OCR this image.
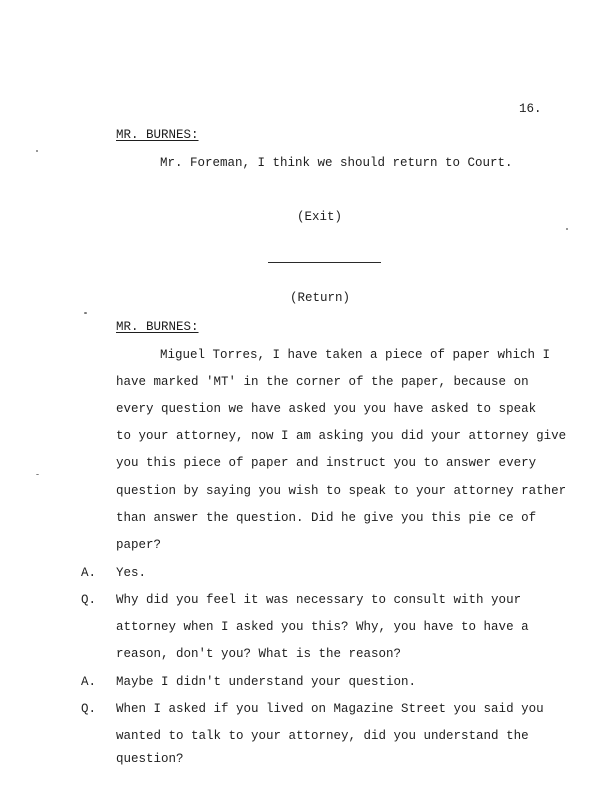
16.
MR. BURNES:
Mr. Foreman, I think we should return to Court.
(Exit)
(Return)
MR. BURNES:
Miguel Torres, I have taken a piece of paper which I
have marked 'MT' in the corner of the paper, because on
every question we have asked you you have asked to speak
to your attorney, now I am asking you did your attorney give
you this piece of paper and instruct you to answer every
question by saying you wish to speak to your attorney rather
than answer the question. Did he give you this pie ce of
paper?
A. Yes.
Q. Why did you feel it was necessary to consult with your
attorney when I asked you this? Why, you have to have a
reason, don't you? What is the reason?
A. Maybe I didn't understand your question.
Q. When I asked if you lived on Magazine Street you said you
wanted to talk to your attorney, did you understand the
question?
